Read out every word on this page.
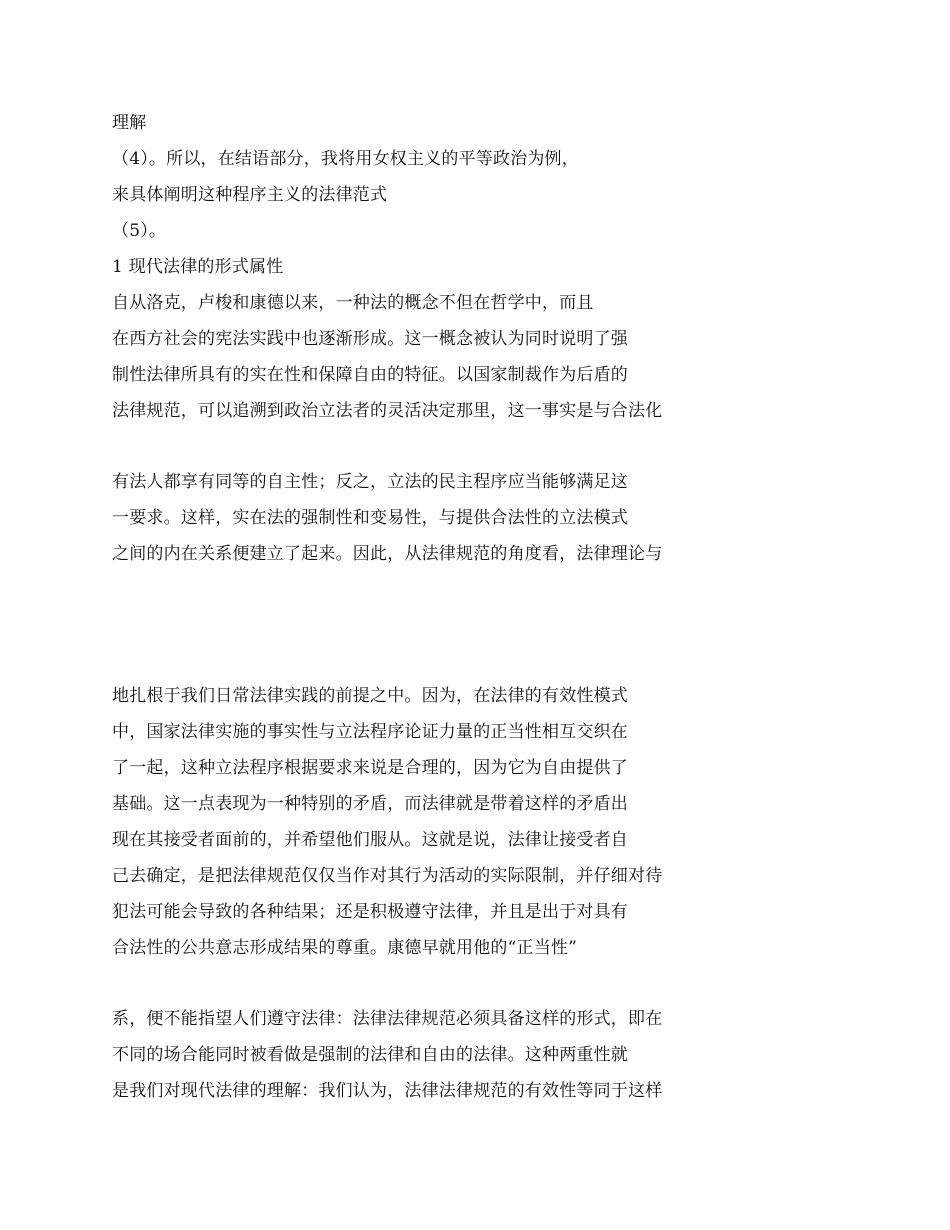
理解
（4）。所以，在结语部分，我将用女权主义的平等政治为例，
来具体阐明这种程序主义的法律范式
（5）。
1 现代法律的形式属性
自从洛克，卢梭和康德以来，一种法的概念不但在哲学中，而且
在西方社会的宪法实践中也逐渐形成。这一概念被认为同时说明了强
制性法律所具有的实在性和保障自由的特征。以国家制裁作为后盾的
法律规范，可以追溯到政治立法者的灵活决定那里，这一事实是与合法化
有法人都享有同等的自主性；反之，立法的民主程序应当能够满足这
一要求。这样，实在法的强制性和变易性，与提供合法性的立法模式
之间的内在关系便建立了起来。因此，从法律规范的角度看，法律理论与
地扎根于我们日常法律实践的前提之中。因为，在法律的有效性模式
中，国家法律实施的事实性与立法程序论证力量的正当性相互交织在
了一起，这种立法程序根据要求来说是合理的，因为它为自由提供了
基础。这一点表现为一种特别的矛盾，而法律就是带着这样的矛盾出
现在其接受者面前的，并希望他们服从。这就是说，法律让接受者自
己去确定，是把法律规范仅仅当作对其行为活动的实际限制，并仔细对待
犯法可能会导致的各种结果；还是积极遵守法律，并且是出于对具有
合法性的公共意志形成结果的尊重。康德早就用他的“正当性”
系，便不能指望人们遵守法律：法律法律规范必须具备这样的形式，即在
不同的场合能同时被看做是强制的法律和自由的法律。这种两重性就
是我们对现代法律的理解：我们认为，法律法律规范的有效性等同于这样
